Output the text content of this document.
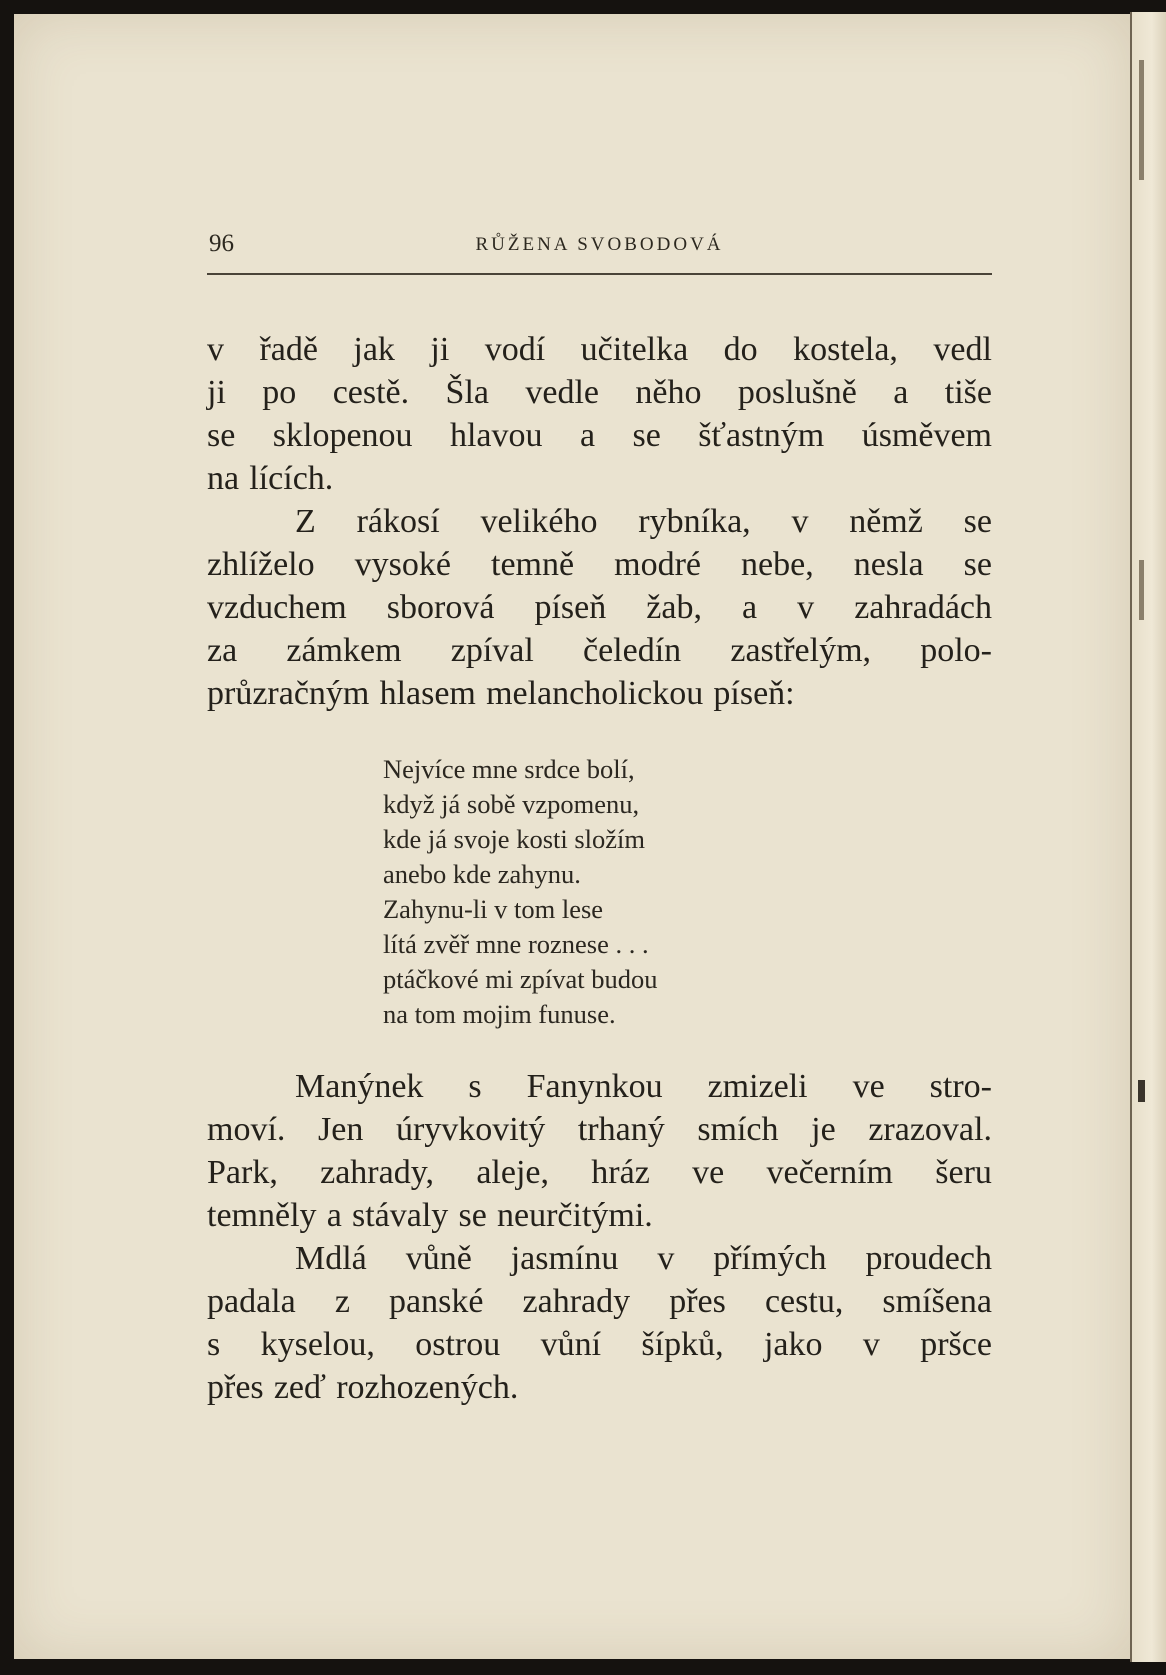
96	RŮŽENA SVOBODOVÁ
v řadě jak ji vodí učitelka do kostela, vedl
ji po cestě. Šla vedle něho poslušně a tiše
se sklopenou hlavou a se šťastným úsměvem
na lících.
Z rákosí velikého rybníka, v němž se
zhlíželo vysoké temně modré nebe, nesla se
vzduchem sborová píseň žab, a v zahradách
za zámkem zpíval čeledín zastřelým, polo-
průzračným hlasem melancholickou píseň:
Nejvíce mne srdce bolí,
když já sobě vzpomenu,
kde já svoje kosti složím
anebo kde zahynu.
Zahynu-li v tom lese
lítá zvěř mne roznese . . .
ptáčkové mi zpívat budou
na tom mojim funuse.
Manýnek s Fanynkou zmizeli ve stro-
moví. Jen úryvkovitý trhaný smích je zrazoval.
Park, zahrady, aleje, hráz ve večerním šeru
temněly a stávaly se neurčitými.
Mdlá vůně jasmínu v přímých proudech
padala z panské zahrady přes cestu, smíšena
s kyselou, ostrou vůní šípků, jako v pršce
přes zeď rozhozených.
